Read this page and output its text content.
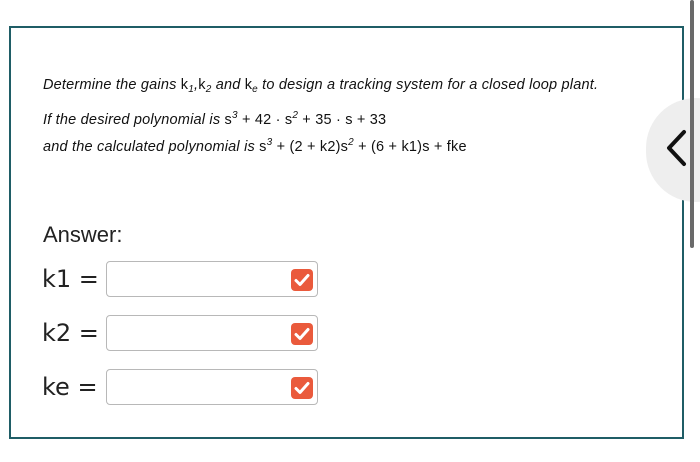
Determine the gains $k_1,k_2$ and $k_e$ to design a tracking system for a closed loop plant.
If the desired polynomial is $s^3 + 42 \cdot s^2 + 35 \cdot s + 33$
and the calculated polynomial is $s^3 + (2 + k2)s^2 + (6 + k1)s$ + fke
Answer:
k1 =
k2 =
ke =
